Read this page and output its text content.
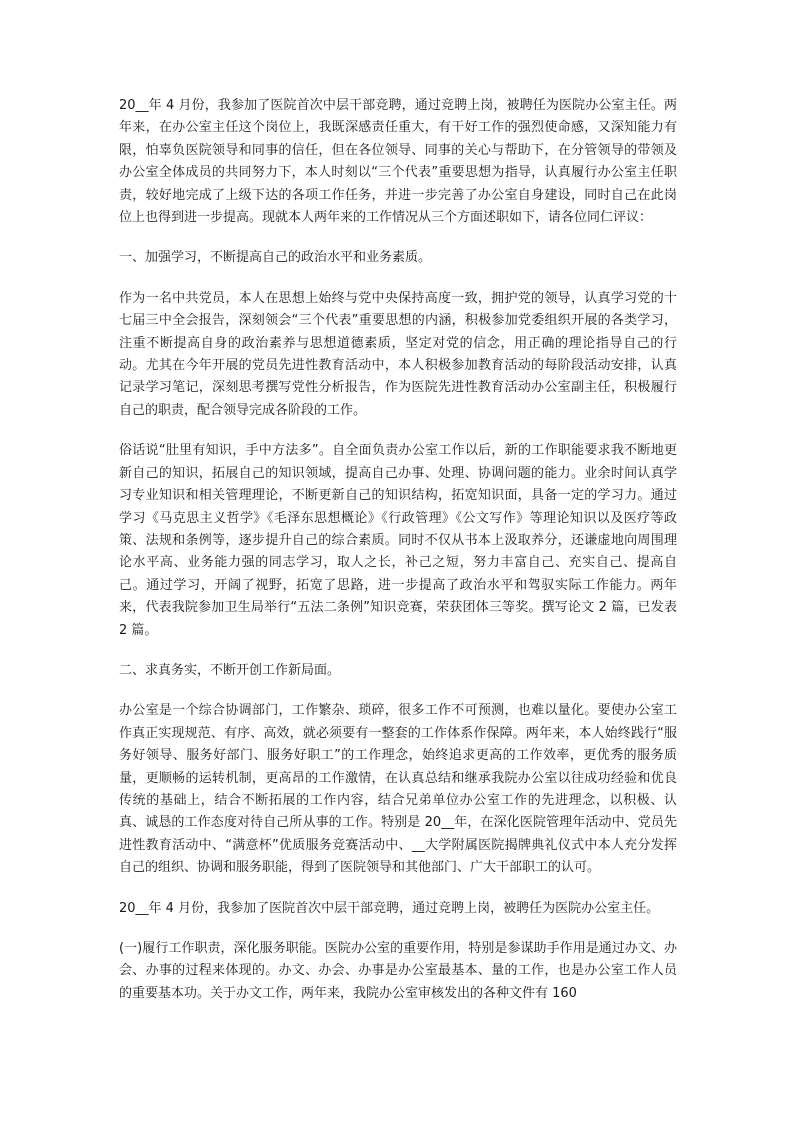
20__年 4 月份，我参加了医院首次中层干部竞聘，通过竞聘上岗，被聘任为医院办公室主任。两年来，在办公室主任这个岗位上，我既深感责任重大，有干好工作的强烈使命感，又深知能力有限，怕辜负医院领导和同事的信任，但在各位领导、同事的关心与帮助下，在分管领导的带领及办公室全体成员的共同努力下，本人时刻以“三个代表”重要思想为指导，认真履行办公室主任职责，较好地完成了上级下达的各项工作任务，并进一步完善了办公室自身建设，同时自己在此岗位上也得到进一步提高。现就本人两年来的工作情况从三个方面述职如下，请各位同仁评议：

一、加强学习，不断提高自己的政治水平和业务素质。

作为一名中共党员，本人在思想上始终与党中央保持高度一致，拥护党的领导，认真学习党的十七届三中全会报告，深刻领会“三个代表”重要思想的内涵，积极参加党委组织开展的各类学习，注重不断提高自身的政治素养与思想道德素质，坚定对党的信念，用正确的理论指导自己的行动。尤其在今年开展的党员先进性教育活动中，本人积极参加教育活动的每阶段活动安排，认真记录学习笔记，深刻思考撰写党性分析报告，作为医院先进性教育活动办公室副主任，积极履行自己的职责，配合领导完成各阶段的工作。

俗话说“肚里有知识，手中方法多”。自全面负责办公室工作以后，新的工作职能要求我不断地更新自己的知识，拓展自己的知识领域，提高自己办事、处理、协调问题的能力。业余时间认真学习专业知识和相关管理理论，不断更新自己的知识结构，拓宽知识面，具备一定的学习力。通过学习《马克思主义哲学》《毛泽东思想概论》《行政管理》《公文写作》等理论知识以及医疗等政策、法规和条例等，逐步提升自己的综合素质。同时不仅从书本上汲取养分，还谦虚地向周围理论水平高、业务能力强的同志学习，取人之长，补己之短，努力丰富自己、充实自己、提高自己。通过学习，开阔了视野，拓宽了思路，进一步提高了政治水平和驾驭实际工作能力。两年来，代表我院参加卫生局举行“五法二条例”知识竞赛，荣获团体三等奖。撰写论文 2 篇，已发表 2 篇。

二、求真务实，不断开创工作新局面。

办公室是一个综合协调部门，工作繁杂、琐碎，很多工作不可预测，也难以量化。要使办公室工作真正实现规范、有序、高效，就必须要有一整套的工作体系作保障。两年来，本人始终践行“服务好领导、服务好部门、服务好职工”的工作理念，始终追求更高的工作效率，更优秀的服务质量，更顺畅的运转机制，更高昂的工作激情，在认真总结和继承我院办公室以往成功经验和优良传统的基础上，结合不断拓展的工作内容，结合兄弟单位办公室工作的先进理念，以积极、认真、诚恳的工作态度对待自己所从事的工作。特别是 20__年，在深化医院管理年活动中、党员先进性教育活动中、“满意杯”优质服务竞赛活动中、__大学附属医院揭牌典礼仪式中本人充分发挥自己的组织、协调和服务职能，得到了医院领导和其他部门、广大干部职工的认可。

20__年 4 月份，我参加了医院首次中层干部竞聘，通过竞聘上岗，被聘任为医院办公室主任。

(一)履行工作职责，深化服务职能。医院办公室的重要作用，特别是参谋助手作用是通过办文、办会、办事的过程来体现的。办文、办会、办事是办公室最基本、量的工作，也是办公室工作人员的重要基本功。关于办文工作，两年来，我院办公室审核发出的各种文件有 160
